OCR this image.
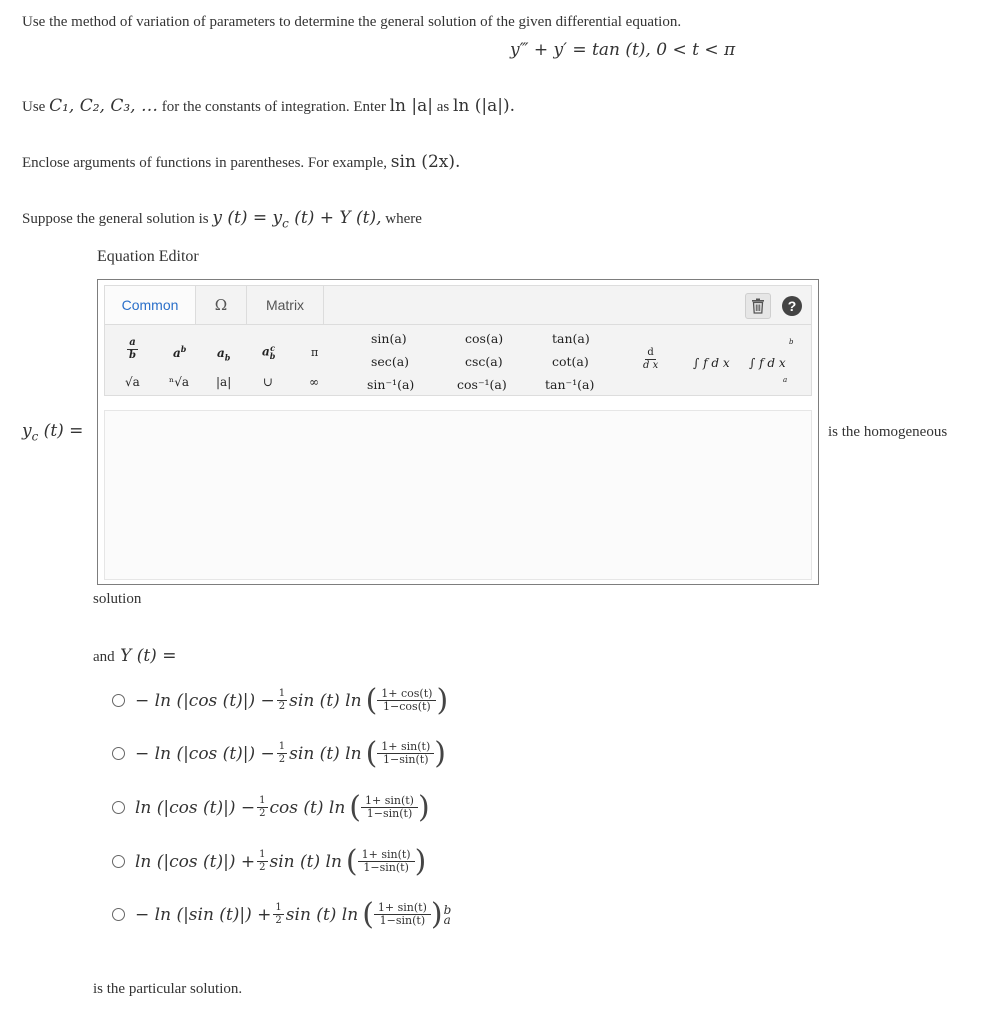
Use the method of variation of parameters to determine the general solution of the given differential equation.
y‴ + y′ = tan (t), 0 < t < π
Use C₁, C₂, C₃, … for the constants of integration. Enter ln |a| as ln (|a|).
Enclose arguments of functions in parentheses. For example, sin (2x).
Suppose the general solution is y $(t) = y_c$ (t) + Y (t), where
Equation Editor
$y_c$ (t) =
Common	Ω	Matrix	?
$\frac{a}{b}$	$a^b$	$a_b$	a c
b	π
√a ⁿ√a |a|	∪	∞
sin(a)
sec(a)
sin⁻¹(a)
cos(a)
csc(a)
cos⁻¹(a)
tan(a)
cot(a)
tan⁻¹(a)
$\frac{d}{\text{d x}}$	∫ f d x
b
∫ f d x
a
is the homogeneous
solution
and Y (t) =
− ln (|cos $(t)|) - \frac{1}{2}$ sin (t) ln ( $\frac{1+ \cos(t)}{1-\cos(t)}$ )
− ln (|cos $(t)|) - \frac{1}{2}$ sin (t) ln ( $\frac{1+ \sin(t)}{1-\sin(t)}$ )
ln (|cos $(t)|) - \frac{1}{2}$ cos (t) ln ( $\frac{1+ \sin(t)}{1-\sin(t)}$ )
ln (|cos $(t)|) + \frac{1}{2}$ sin (t) ln ( $\frac{1+ \sin(t)}{1-\sin(t)}$ )
− ln (|sin $(t)|) + \frac{1}{2}$ sin (t) ln ( $\frac{1+ \sin(t)}{1-\sin(t)}$ ) b
a
is the particular solution.
